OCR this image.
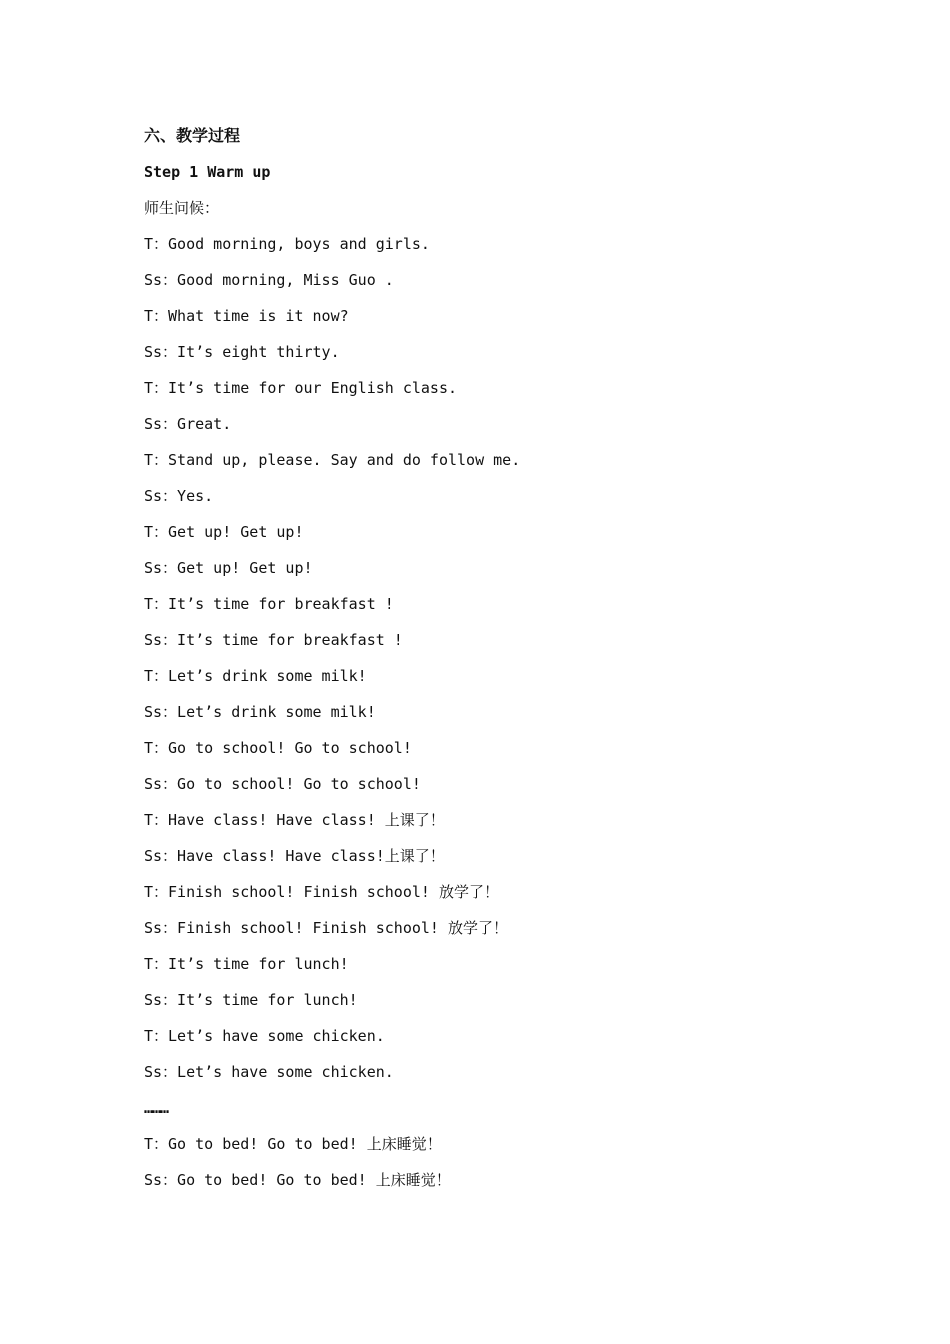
六、教学过程
Step 1 Warm up
师生问候：
T：Good morning, boys and girls.
Ss：Good morning, Miss Guo .
T：What time is it now?
Ss：It’s eight thirty.
T：It’s time for our English class.
Ss：Great.
T：Stand up, please. Say and do follow me.
Ss：Yes.
T：Get up! Get up!
Ss：Get up! Get up!
T：It’s time for breakfast !
Ss：It’s time for breakfast !
T：Let’s drink some milk!
Ss：Let’s drink some milk!
T：Go to school! Go to school!
Ss：Go to school! Go to school!
T：Have class! Have class! 上课了！
Ss：Have class! Have class!上课了！
T：Finish school! Finish school! 放学了！
Ss：Finish school! Finish school! 放学了！
T：It’s time for lunch!
Ss：It’s time for lunch!
T：Let’s have some chicken.
Ss：Let’s have some chicken.
………
T：Go to bed! Go to bed! 上床睡觉！
Ss：Go to bed! Go to bed! 上床睡觉！
